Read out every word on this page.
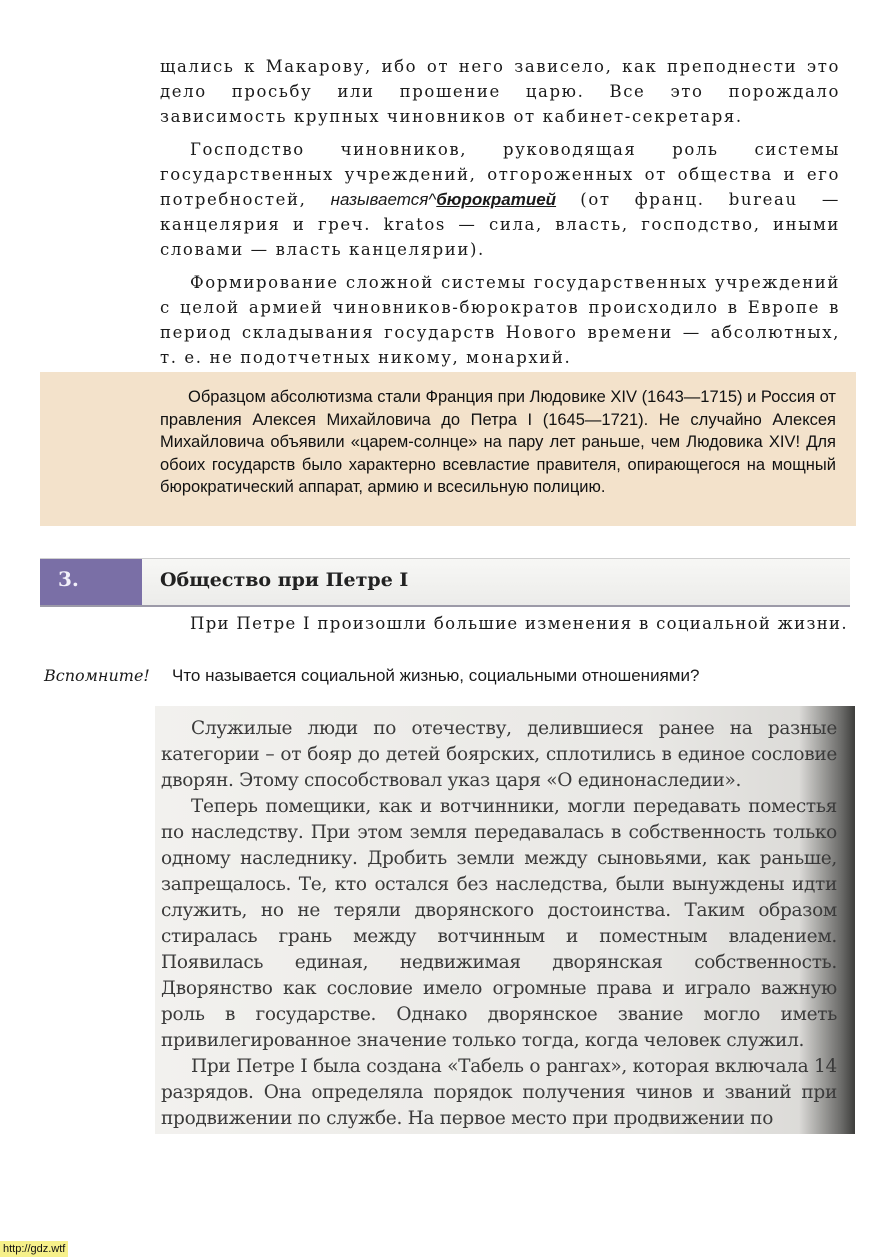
щались к Макарову, ибо от него зависело, как преподнести это дело просьбу или прошение царю. Все это порождало зависимость крупных чиновников от кабинет-секретаря.

Господство чиновников, руководящая роль системы государственных учреждений, отгороженных от общества и его потребностей, называется^бюрократией (от франц. bureau — канцелярия и греч. kratos — сила, власть, господство, иными словами — власть канцелярии).

Формирование сложной системы государственных учреждений с целой армией чиновников-бюрократов происходило в Европе в период складывания государств Нового времени — абсолютных, т. е. не подотчетных никому, монархий.

Образцом абсолютизма стали Франция при Людовике XIV (1643—1715) и Россия от правления Алексея Михайловича до Петра I (1645—1721). Не случайно Алексея Михайловича объявили «царем-солнце» на пару лет раньше, чем Людовика XIV! Для обоих государств было характерно всевластие правителя, опирающегося на мощный бюрократический аппарат, армию и всесильную полицию.

3.	Общество при Петре I
При Петре I произошли большие изменения в социальной жизни.
Вспомните! Что называется социальной жизнью, социальными отношениями?

Служилые люди по отечеству, делившиеся ранее на разные категории – от бояр до детей боярских, сплотились в единое сословие дворян. Этому способствовал указ царя «О единонаследии».

Теперь помещики, как и вотчинники, могли передавать поместья по наследству. При этом земля передавалась в собственность только одному наследнику. Дробить земли между сыновьями, как раньше, запрещалось. Те, кто остался без наследства, были вынуждены идти служить, но не теряли дворянского достоинства. Таким образом стиралась грань между вотчинным и поместным владением. Появилась единая, недвижимая дворянская собственность. Дворянство как сословие имело огромные права и играло важную роль в государстве. Однако дворянское звание могло иметь привилегированное значение только тогда, когда человек служил.

При Петре I была создана «Табель о рангах», которая включала 14 разрядов. Она определяла порядок получения чинов и званий при продвижении по службе. На первое место при продвижении по

http://gdz.wtf
